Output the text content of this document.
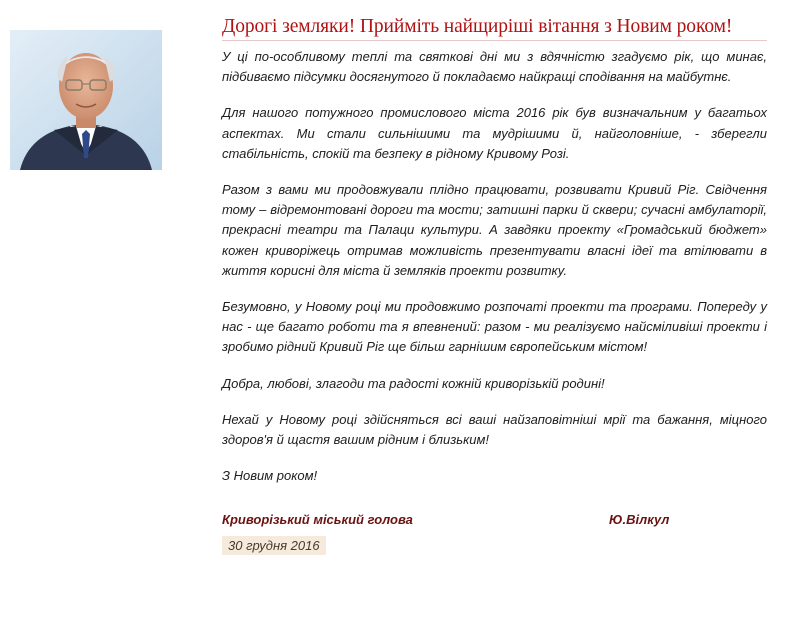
Дорогі земляки! Прийміть найщиріші вітання з Новим роком!

У ці по-особливому теплі та святкові дні ми з вдячністю згадуємо рік, що минає, підбиваємо підсумки досягнутого й покладаємо найкращі сподівання на майбутнє.

Для нашого потужного промислового міста 2016 рік був визначальним у багатьох аспектах. Ми стали сильнішими та мудрішими й, найголовніше, - зберегли стабільність, спокій та безпеку в рідному Кривому Розі.

Разом з вами ми продовжували плідно працювати, розвивати Кривий Ріг. Свідчення тому – відремонтовані дороги та мости; затишні парки й сквери; сучасні амбулаторії, прекрасні театри та Палаци культури. А завдяки проекту «Громадський бюджет» кожен криворіжець отримав можливість презентувати власні ідеї та втілювати в життя корисні для міста й земляків проекти розвитку.

Безумовно, у Новому році ми продовжимо розпочаті проекти та програми. Попереду у нас - ще багато роботи та я впевнений: разом - ми реалізуємо найсміливіші проекти і зробимо рідний Кривий Ріг ще більш гарнішим європейським містом!

Добра, любові, злагоди та радості кожній криворізькій родині!

Нехай у Новому році здійсняться всі ваші найзаповітніші мрії та бажання, міцного здоров'я й щастя вашим рідним і близьким!

З Новим роком!

Криворізький міський голова	Ю.Вілкул
30 грудня 2016
